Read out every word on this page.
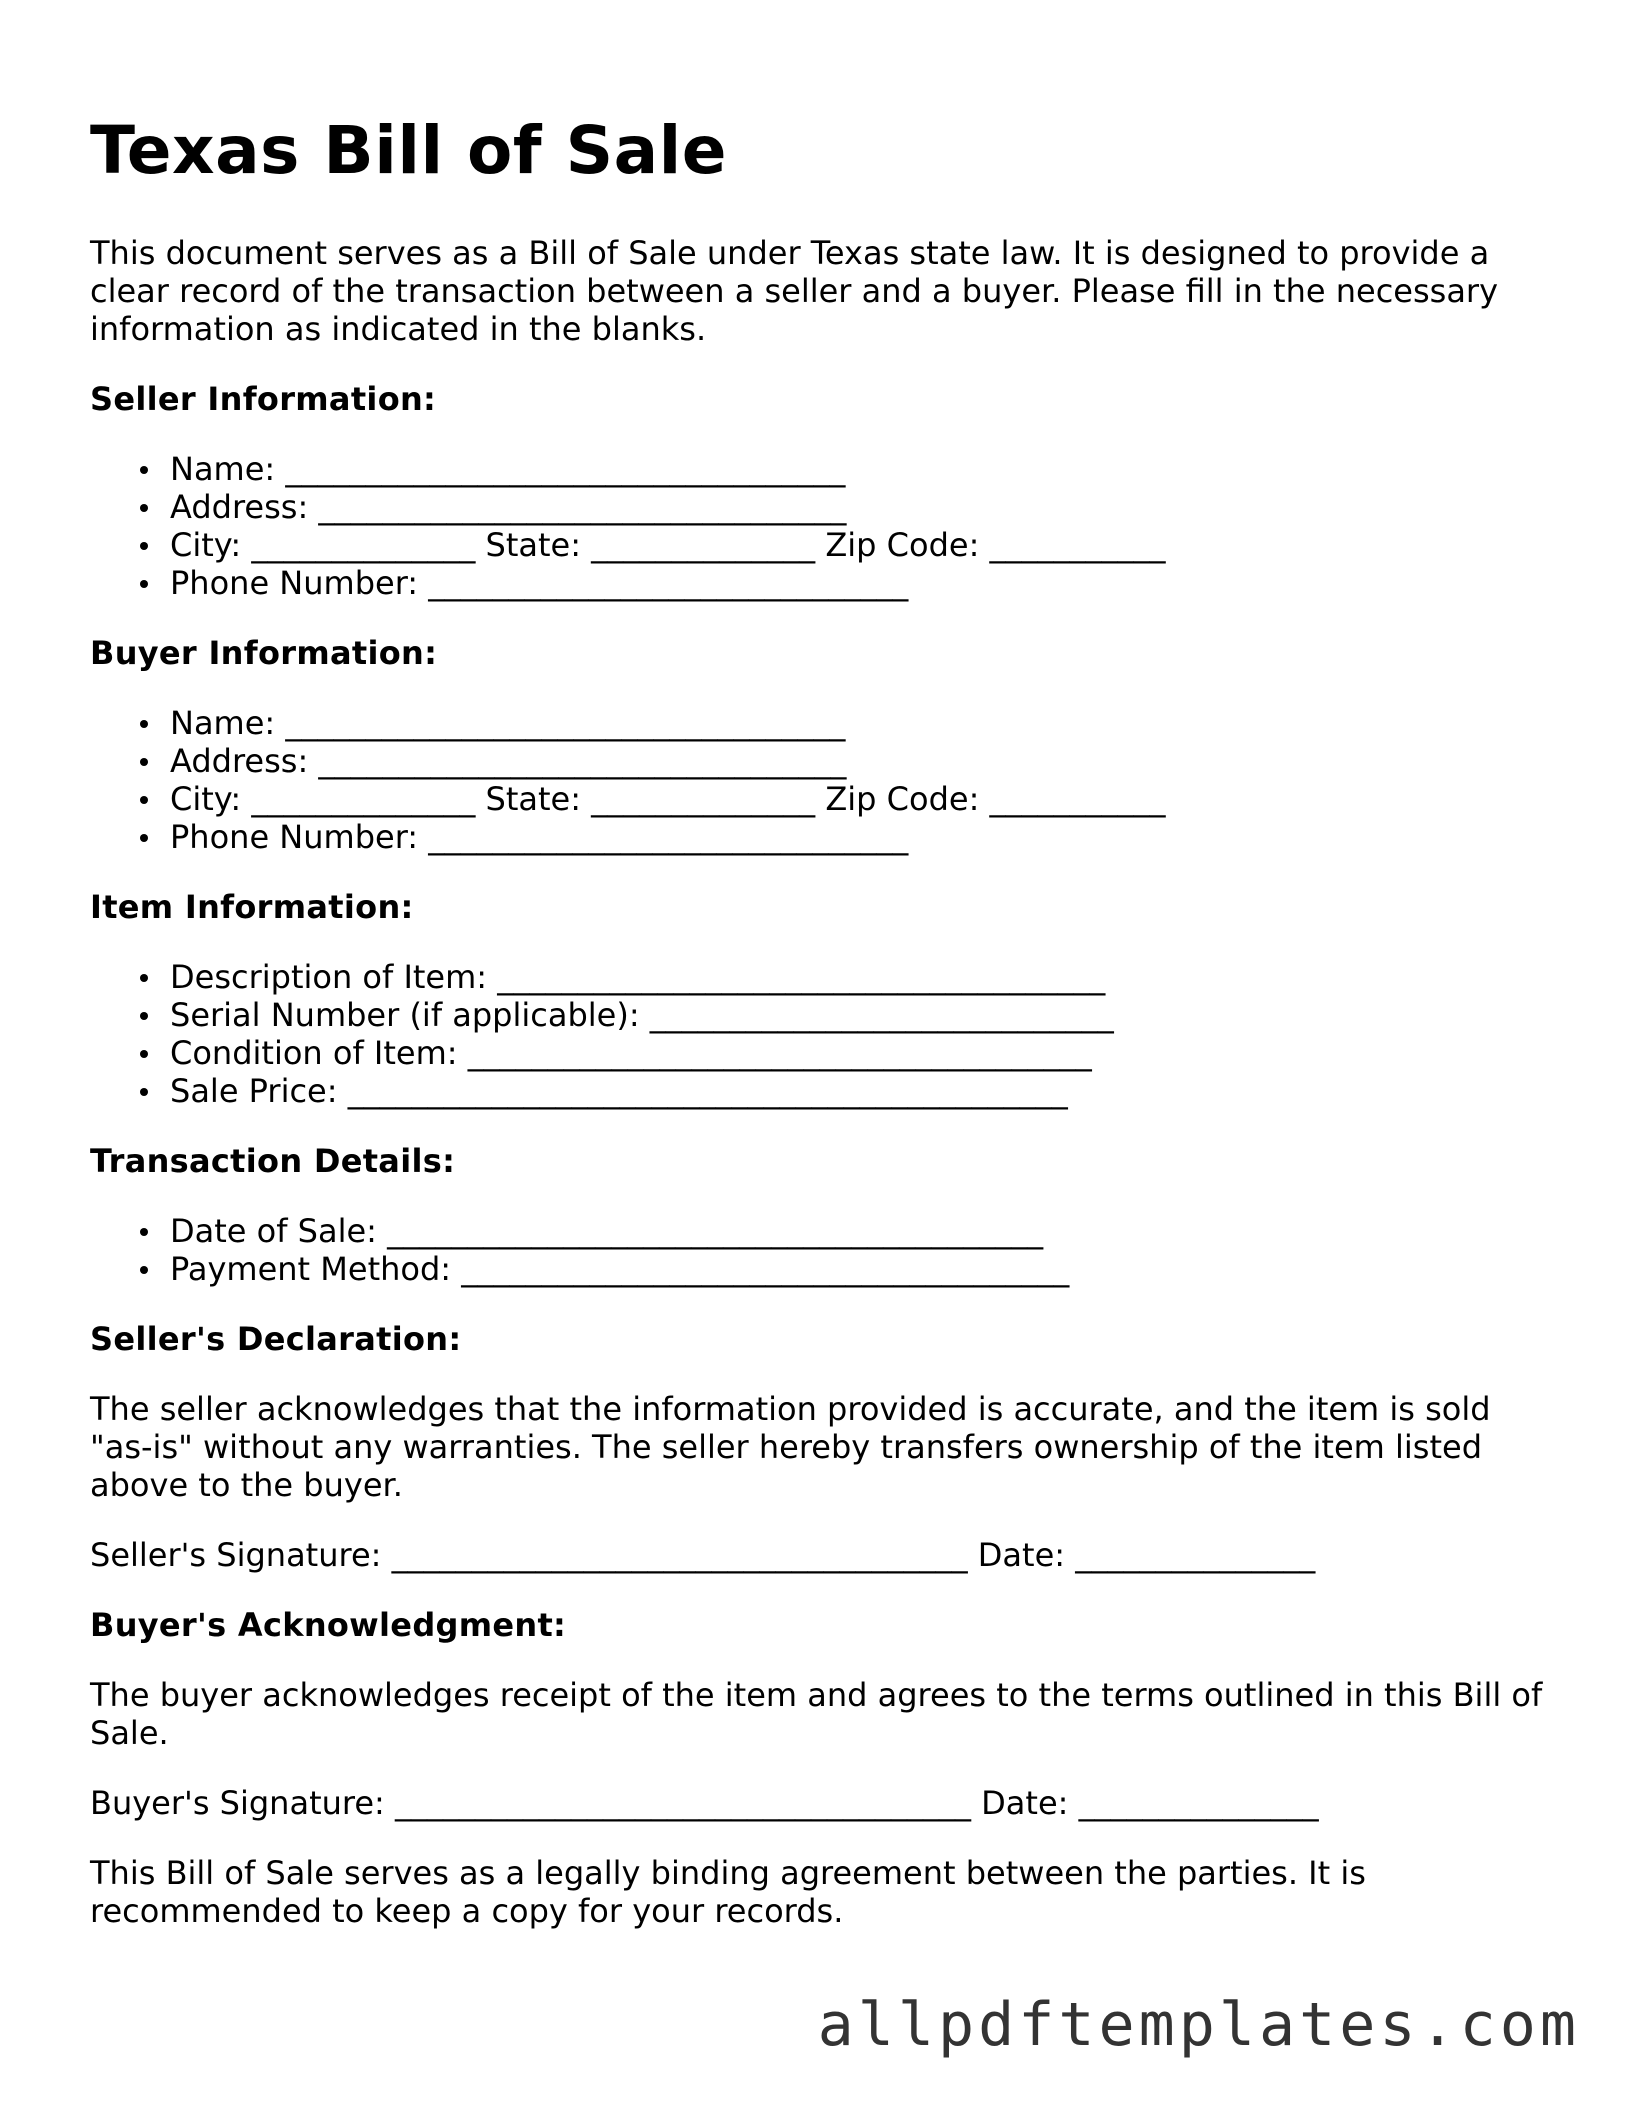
Texas Bill of Sale

This document serves as a Bill of Sale under Texas state law. It is designed to provide a clear record of the transaction between a seller and a buyer. Please fill in the necessary information as indicated in the blanks.

Seller Information:
Name: ___________________________________
Address: _________________________________
City: ______________ State: ______________ Zip Code: ___________
Phone Number: ______________________________
Buyer Information:
Name: ___________________________________
Address: _________________________________
City: ______________ State: ______________ Zip Code: ___________
Phone Number: ______________________________
Item Information:
Description of Item: ______________________________________
Serial Number (if applicable): _____________________________
Condition of Item: _______________________________________
Sale Price: _____________________________________________
Transaction Details:
Date of Sale: _________________________________________
Payment Method: ______________________________________
Seller's Declaration:

The seller acknowledges that the information provided is accurate, and the item is sold "as-is" without any warranties. The seller hereby transfers ownership of the item listed above to the buyer.

Seller's Signature: ____________________________________ Date: _______________

Buyer's Acknowledgment:

The buyer acknowledges receipt of the item and agrees to the terms outlined in this Bill of Sale.

Buyer's Signature: ____________________________________ Date: _______________

This Bill of Sale serves as a legally binding agreement between the parties. It is recommended to keep a copy for your records.

allpdftemplates.com
